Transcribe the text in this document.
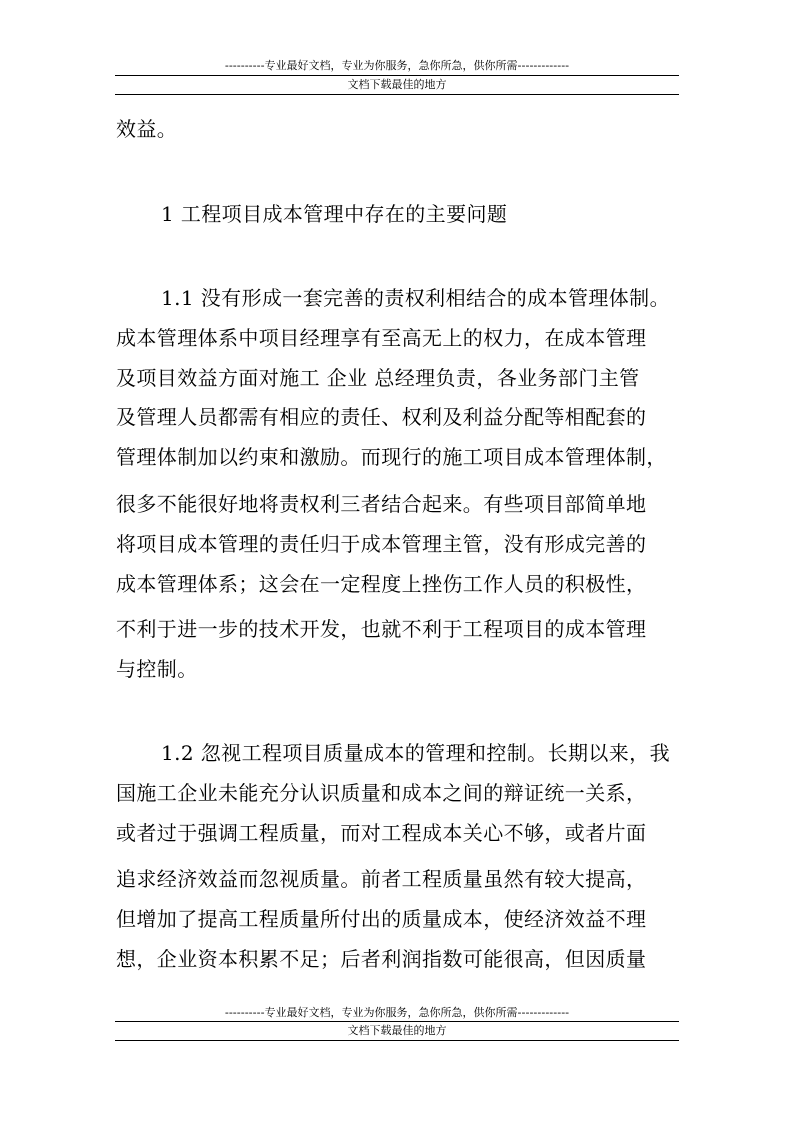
----------专业最好文档，专业为你服务，急你所急，供你所需-------------
文档下载最佳的地方
效益。
1 工程项目成本管理中存在的主要问题
1.1 没有形成一套完善的责权利相结合的成本管理体制。
成本管理体系中项目经理享有至高无上的权力，在成本管理
及项目效益方面对施工 企业 总经理负责，各业务部门主管
及管理人员都需有相应的责任、权利及利益分配等相配套的
管理体制加以约束和激励。而现行的施工项目成本管理体制，
很多不能很好地将责权利三者结合起来。有些项目部简单地
将项目成本管理的责任归于成本管理主管，没有形成完善的
成本管理体系；这会在一定程度上挫伤工作人员的积极性，
不利于进一步的技术开发，也就不利于工程项目的成本管理
与控制。
1.2 忽视工程项目质量成本的管理和控制。长期以来，我
国施工企业未能充分认识质量和成本之间的辩证统一关系，
或者过于强调工程质量，而对工程成本关心不够，或者片面
追求经济效益而忽视质量。前者工程质量虽然有较大提高，
但增加了提高工程质量所付出的质量成本，使经济效益不理
想，企业资本积累不足；后者利润指数可能很高，但因质量
----------专业最好文档，专业为你服务，急你所急，供你所需-------------
文档下载最佳的地方
